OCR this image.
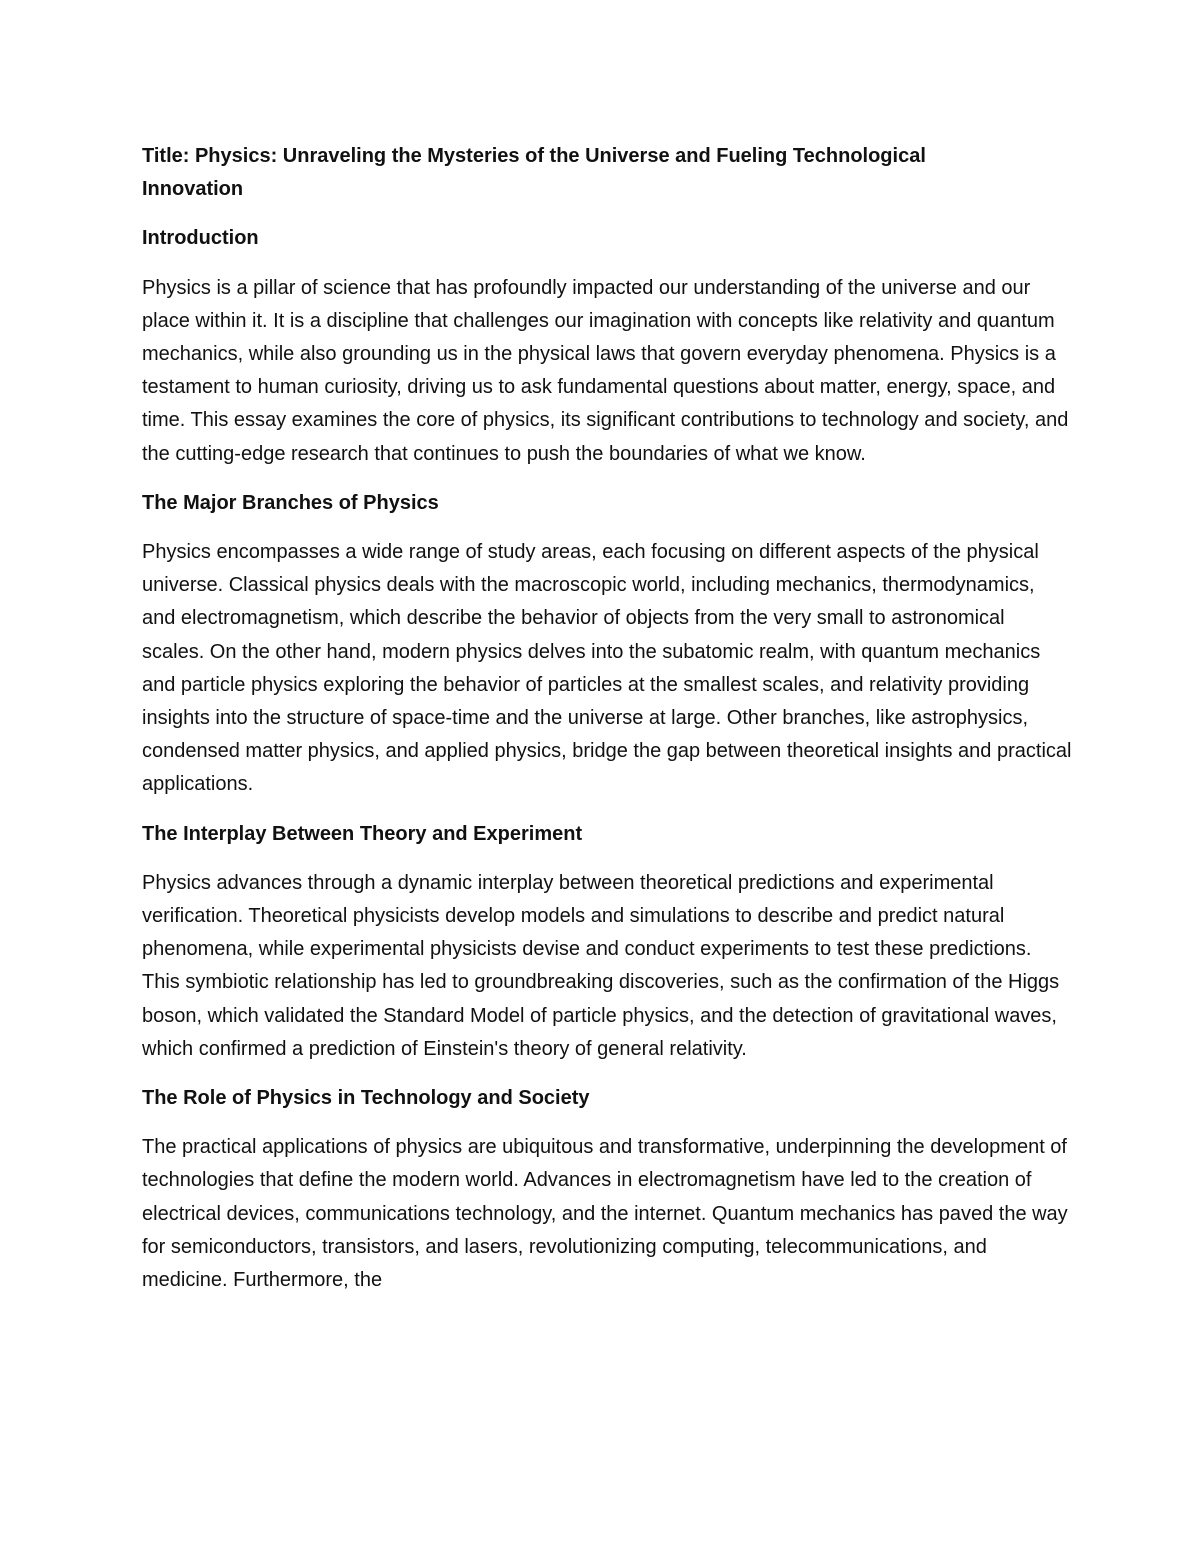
Title: Physics: Unraveling the Mysteries of the Universe and Fueling Technological Innovation
Introduction

Physics is a pillar of science that has profoundly impacted our understanding of the universe and our place within it. It is a discipline that challenges our imagination with concepts like relativity and quantum mechanics, while also grounding us in the physical laws that govern everyday phenomena. Physics is a testament to human curiosity, driving us to ask fundamental questions about matter, energy, space, and time. This essay examines the core of physics, its significant contributions to technology and society, and the cutting-edge research that continues to push the boundaries of what we know.

The Major Branches of Physics

Physics encompasses a wide range of study areas, each focusing on different aspects of the physical universe. Classical physics deals with the macroscopic world, including mechanics, thermodynamics, and electromagnetism, which describe the behavior of objects from the very small to astronomical scales. On the other hand, modern physics delves into the subatomic realm, with quantum mechanics and particle physics exploring the behavior of particles at the smallest scales, and relativity providing insights into the structure of space-time and the universe at large. Other branches, like astrophysics, condensed matter physics, and applied physics, bridge the gap between theoretical insights and practical applications.

The Interplay Between Theory and Experiment

Physics advances through a dynamic interplay between theoretical predictions and experimental verification. Theoretical physicists develop models and simulations to describe and predict natural phenomena, while experimental physicists devise and conduct experiments to test these predictions. This symbiotic relationship has led to groundbreaking discoveries, such as the confirmation of the Higgs boson, which validated the Standard Model of particle physics, and the detection of gravitational waves, which confirmed a prediction of Einstein's theory of general relativity.

The Role of Physics in Technology and Society

The practical applications of physics are ubiquitous and transformative, underpinning the development of technologies that define the modern world. Advances in electromagnetism have led to the creation of electrical devices, communications technology, and the internet. Quantum mechanics has paved the way for semiconductors, transistors, and lasers, revolutionizing computing, telecommunications, and medicine. Furthermore, the
